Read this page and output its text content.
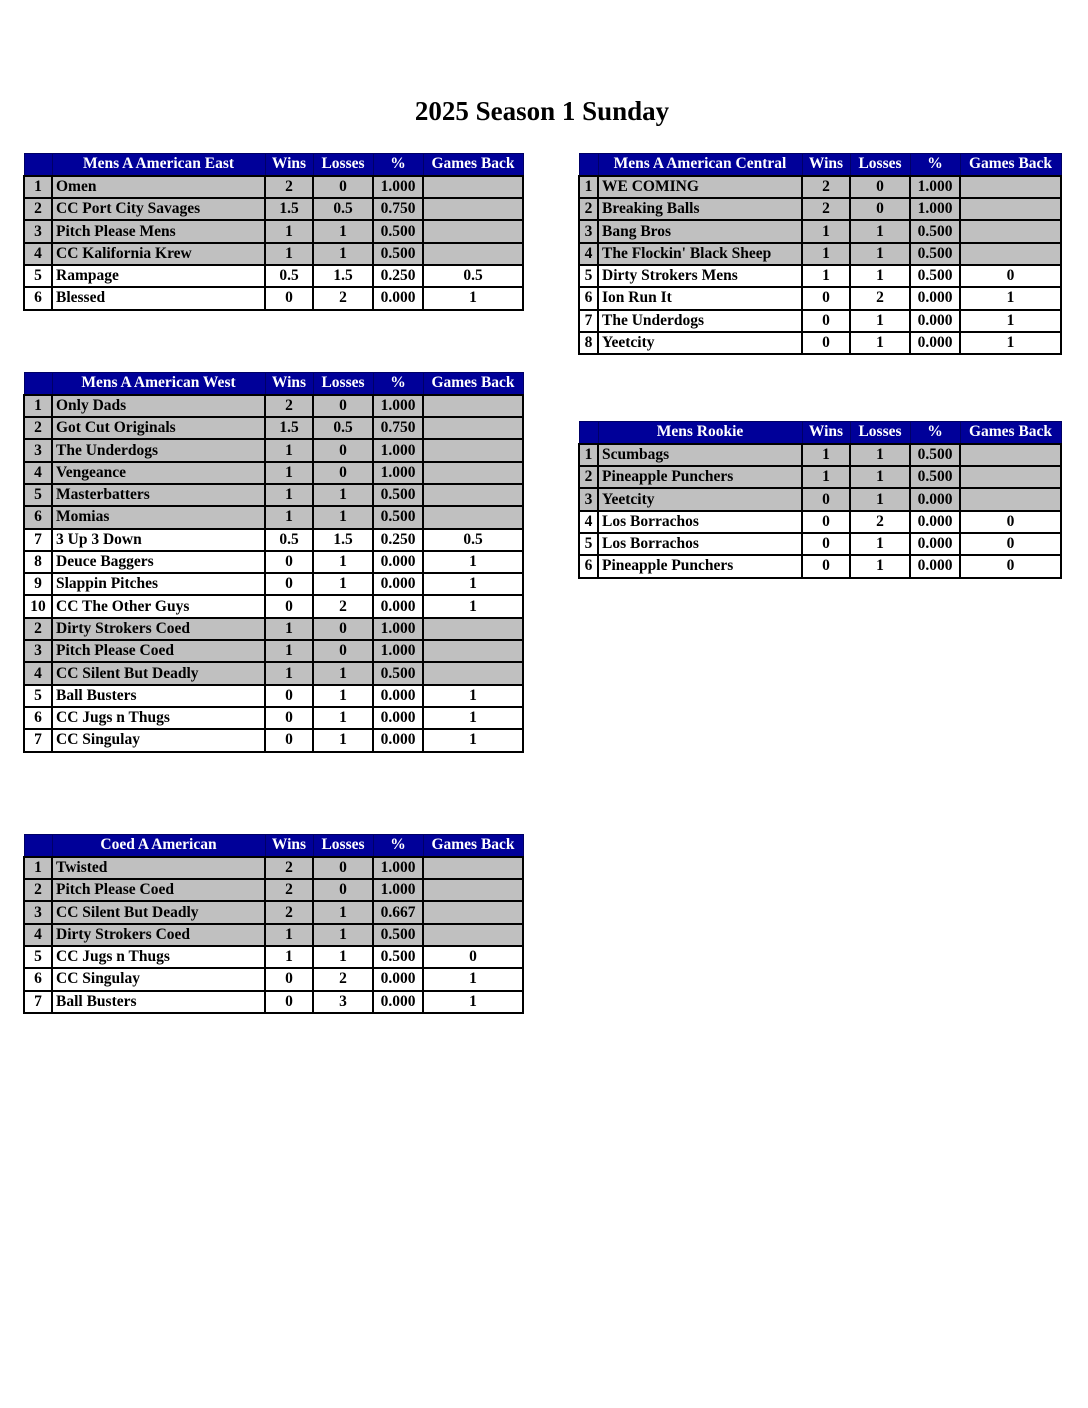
2025 Season 1 Sunday
	Mens A American East	Wins	Losses	%	Games Back
1	Omen	2	0	1.000	
2	CC Port City Savages	1.5	0.5	0.750	
3	Pitch Please Mens	1	1	0.500	
4	CC Kalifornia Krew	1	1	0.500	
5	Rampage	0.5	1.5	0.250	0.5
6	Blessed	0	2	0.000	1
	Mens A American West	Wins	Losses	%	Games Back
1	Only Dads	2	0	1.000	
2	Got Cut Originals	1.5	0.5	0.750	
3	The Underdogs	1	0	1.000	
4	Vengeance	1	0	1.000	
5	Masterbatters	1	1	0.500	
6	Momias	1	1	0.500	
7	3 Up 3 Down	0.5	1.5	0.250	0.5
8	Deuce Baggers	0	1	0.000	1
9	Slappin Pitches	0	1	0.000	1
10	CC The Other Guys	0	2	0.000	1
2	Dirty Strokers Coed	1	0	1.000	
3	Pitch Please Coed	1	0	1.000	
4	CC Silent But Deadly	1	1	0.500	
5	Ball Busters	0	1	0.000	1
6	CC Jugs n Thugs	0	1	0.000	1
7	CC Singulay	0	1	0.000	1
	Coed A American	Wins	Losses	%	Games Back
1	Twisted	2	0	1.000	
2	Pitch Please Coed	2	0	1.000	
3	CC Silent But Deadly	2	1	0.667	
4	Dirty Strokers Coed	1	1	0.500	
5	CC Jugs n Thugs	1	1	0.500	0
6	CC Singulay	0	2	0.000	1
7	Ball Busters	0	3	0.000	1
	Mens A American Central	Wins	Losses	%	Games Back
1	WE COMING	2	0	1.000	
2	Breaking Balls	2	0	1.000	
3	Bang Bros	1	1	0.500	
4	The Flockin' Black Sheep	1	1	0.500	
5	Dirty Strokers Mens	1	1	0.500	0
6	Ion Run It	0	2	0.000	1
7	The Underdogs	0	1	0.000	1
8	Yeetcity	0	1	0.000	1
	Mens Rookie	Wins	Losses	%	Games Back
1	Scumbags	1	1	0.500	
2	Pineapple Punchers	1	1	0.500	
3	Yeetcity	0	1	0.000	
4	Los Borrachos	0	2	0.000	0
5	Los Borrachos	0	1	0.000	0
6	Pineapple Punchers	0	1	0.000	0
